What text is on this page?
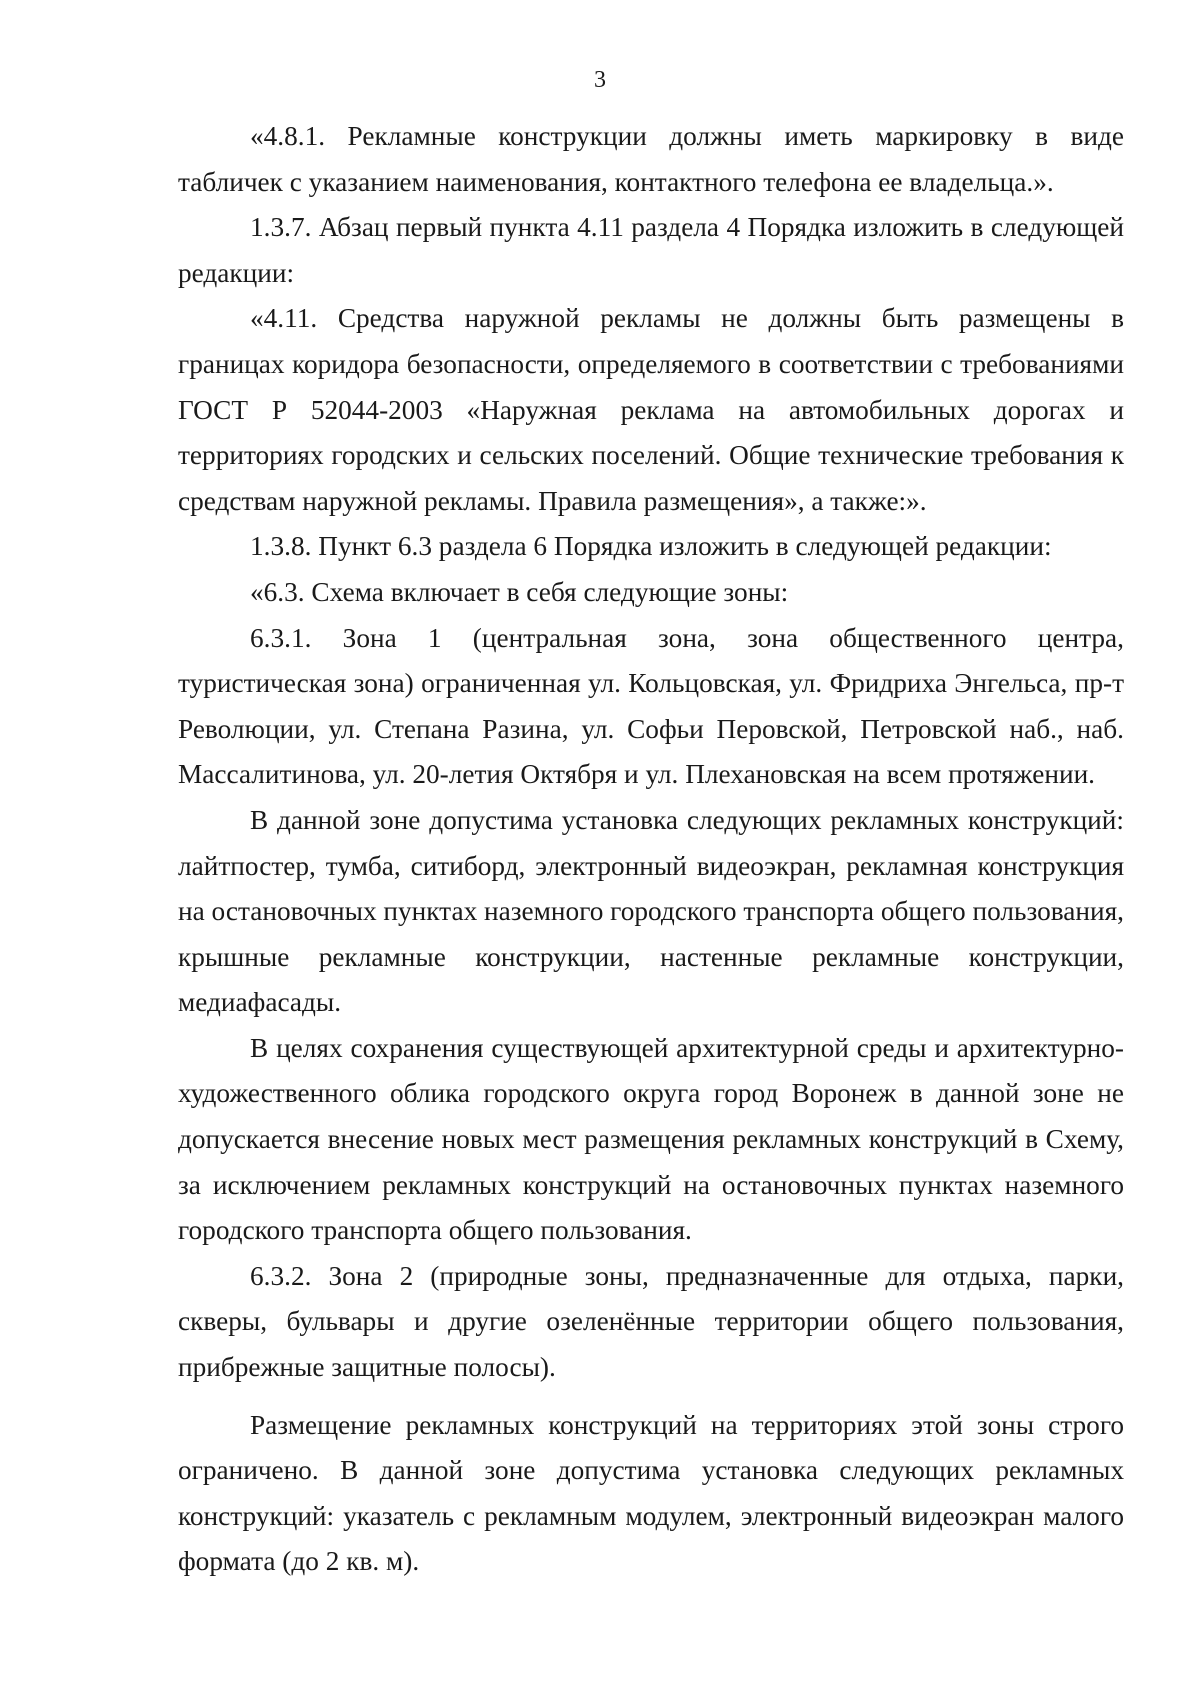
3

«4.8.1. Рекламные конструкции должны иметь маркировку в виде табличек с указанием наименования, контактного телефона ее владельца.».

1.3.7. Абзац первый пункта 4.11 раздела 4 Порядка изложить в следующей редакции:

«4.11. Средства наружной рекламы не должны быть размещены в границах коридора безопасности, определяемого в соответствии с требованиями ГОСТ Р 52044-2003 «Наружная реклама на автомобильных дорогах и территориях городских и сельских поселений. Общие технические требования к средствам наружной рекламы. Правила размещения», а также:».

1.3.8. Пункт 6.3 раздела 6 Порядка изложить в следующей редакции:

«6.3. Схема включает в себя следующие зоны:

6.3.1. Зона 1 (центральная зона, зона общественного центра, туристическая зона) ограниченная ул. Кольцовская, ул. Фридриха Энгельса, пр-т Революции, ул. Степана Разина, ул. Софьи Перовской, Петровской наб., наб. Массалитинова, ул. 20-летия Октября и ул. Плехановская на всем протяжении.

В данной зоне допустима установка следующих рекламных конструкций: лайтпостер, тумба, ситиборд, электронный видеоэкран, рекламная конструкция на остановочных пунктах наземного городского транспорта общего пользования, крышные рекламные конструкции, настенные рекламные конструкции, медиафасады.

В целях сохранения существующей архитектурной среды и архитектурно-художественного облика городского округа город Воронеж в данной зоне не допускается внесение новых мест размещения рекламных конструкций в Схему, за исключением рекламных конструкций на остановочных пунктах наземного городского транспорта общего пользования.

6.3.2. Зона 2 (природные зоны, предназначенные для отдыха, парки, скверы, бульвары и другие озеленённые территории общего пользования, прибрежные защитные полосы).

Размещение рекламных конструкций на территориях этой зоны строго ограничено. В данной зоне допустима установка следующих рекламных конструкций: указатель с рекламным модулем, электронный видеоэкран малого формата (до 2 кв. м).
